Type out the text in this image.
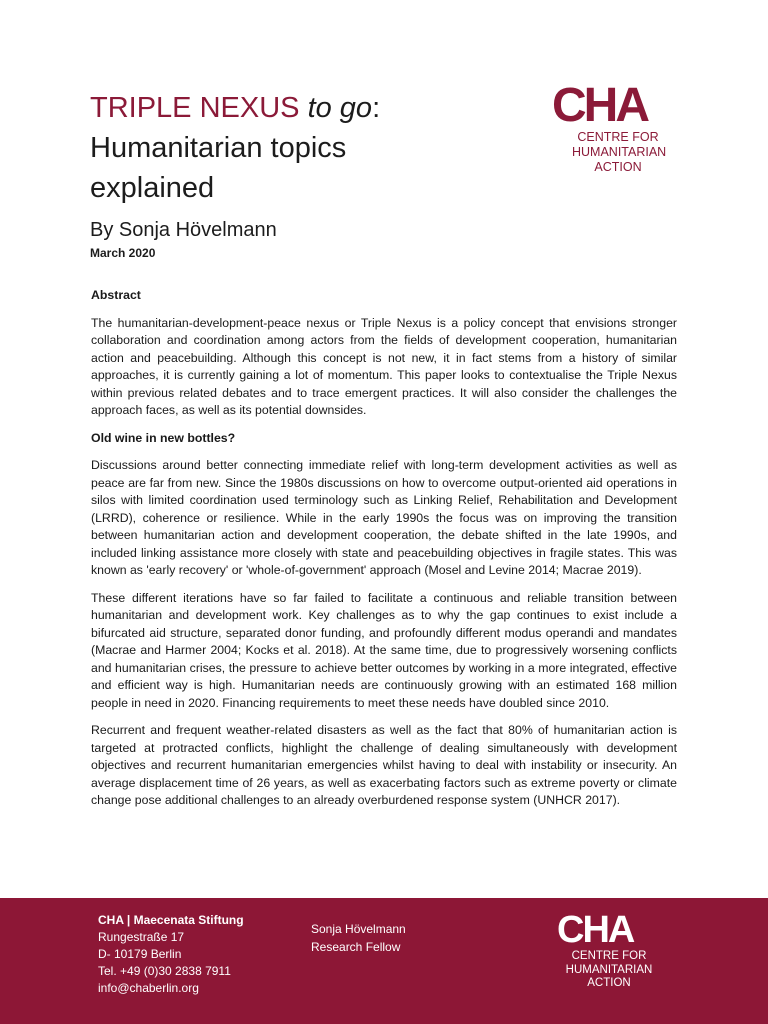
TRIPLE NEXUS to go:
Humanitarian topics
explained
By Sonja Hövelmann
March 2020
CHA
CENTRE FOR
HUMANITARIAN
ACTION
Abstract

The humanitarian-development-peace nexus or Triple Nexus is a policy concept that envisions stronger collaboration and coordination among actors from the fields of development cooperation, humanitarian action and peacebuilding. Although this concept is not new, it in fact stems from a history of similar approaches, it is currently gaining a lot of momentum. This paper looks to contextualise the Triple Nexus within previous related debates and to trace emergent practices. It will also consider the challenges the approach faces, as well as its potential downsides.

Old wine in new bottles?

Discussions around better connecting immediate relief with long-term development activities as well as peace are far from new. Since the 1980s discussions on how to overcome output-oriented aid operations in silos with limited coordination used terminology such as Linking Relief, Rehabilitation and Development (LRRD), coherence or resilience. While in the early 1990s the focus was on improving the transition between humanitarian action and development cooperation, the debate shifted in the late 1990s, and included linking assistance more closely with state and peacebuilding objectives in fragile states. This was known as 'early recovery' or 'whole-of-government' approach (Mosel and Levine 2014; Macrae 2019).

These different iterations have so far failed to facilitate a continuous and reliable transition between humanitarian and development work. Key challenges as to why the gap continues to exist include a bifurcated aid structure, separated donor funding, and profoundly different modus operandi and mandates (Macrae and Harmer 2004; Kocks et al. 2018). At the same time, due to progressively worsening conflicts and humanitarian crises, the pressure to achieve better outcomes by working in a more integrated, effective and efficient way is high. Humanitarian needs are continuously growing with an estimated 168 million people in need in 2020. Financing requirements to meet these needs have doubled since 2010.

Recurrent and frequent weather-related disasters as well as the fact that 80% of humanitarian action is targeted at protracted conflicts, highlight the challenge of dealing simultaneously with development objectives and recurrent humanitarian emergencies whilst having to deal with instability or insecurity. An average displacement time of 26 years, as well as exacerbating factors such as extreme poverty or climate change pose additional challenges to an already overburdened response system (UNHCR 2017).

CHA | Maecenata Stiftung
Rungestraße 17
D- 10179 Berlin
Tel. +49 (0)30 2838 7911
info@chaberlin.org
Sonja Hövelmann
Research Fellow	CHA
CENTRE FOR
HUMANITARIAN
ACTION
